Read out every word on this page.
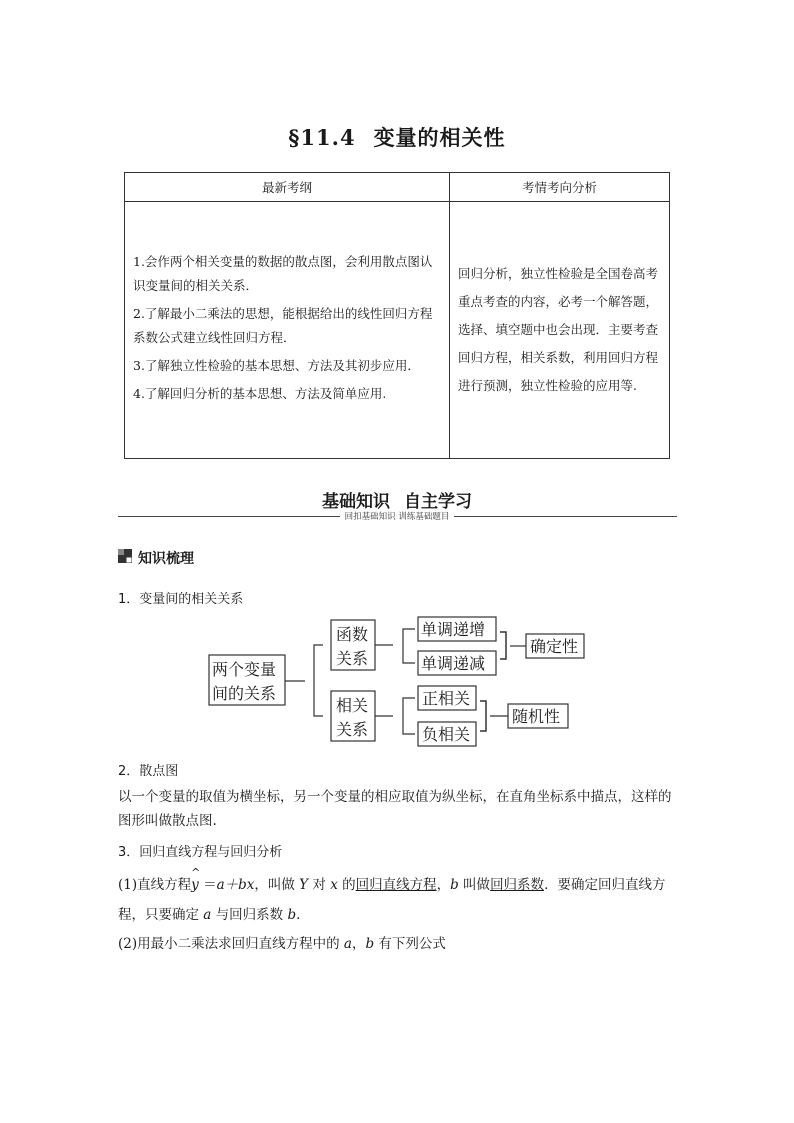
§11.4 变量的相关性
最新考纲	考情考向分析

1.会作两个相关变量的数据的散点图，会利用散点图认识变量间的相关关系．
2.了解最小二乘法的思想，能根据给出的线性回归方程系数公式建立线性回归方程．
3.了解独立性检验的基本思想、方法及其初步应用．
4.了解回归分析的基本思想、方法及简单应用.	回归分析，独立性检验是全国卷高考重点考查的内容，必考一个解答题，选择、填空题中也会出现．主要考查回归方程，相关系数，利用回归方程进行预测，独立性检验的应用等.
基础知识 自主学习
回扣基础知识 训练基础题目
知识梳理
1．变量间的相关关系
两个变量
间的关系
函数
关系
相关
关系
单调递增
单调递减
确定性
正相关
负相关
随机性
2．散点图
以一个变量的取值为横坐标，另一个变量的相应取值为纵坐标，在直角坐标系中描点，这样的图形叫做散点图.
3．回归直线方程与回归分析
(1)直线方程^ y ＝a＋bx，叫做 Y 对 x 的回归直线方程，b 叫做回归系数．要确定回归直线方程，只要确定 a 与回归系数 b.
(2)用最小二乘法求回归直线方程中的 a，b 有下列公式
